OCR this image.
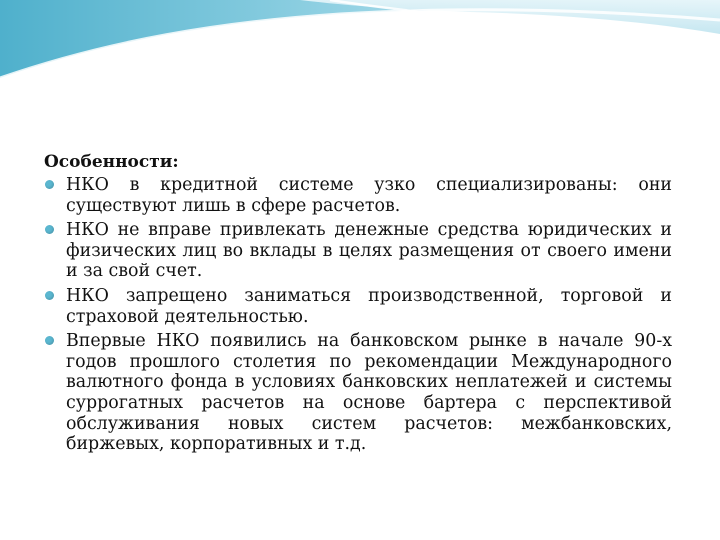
Особенности:
НКО в кредитной системе узко специализированы: они существуют лишь в сфере расчетов.
НКО не вправе привлекать денежные средства юридических и физических лиц во вклады в целях размещения от своего имени и за свой счет.
НКО запрещено заниматься производственной, торговой и страховой деятельностью.
Впервые НКО появились на банковском рынке в начале 90-х годов прошлого столетия по рекомендации Международного валютного фонда в условиях банковских неплатежей и системы суррогатных расчетов на основе бартера с перспективой обслуживания новых систем расчетов: межбанковских, биржевых, корпоративных и т.д.
